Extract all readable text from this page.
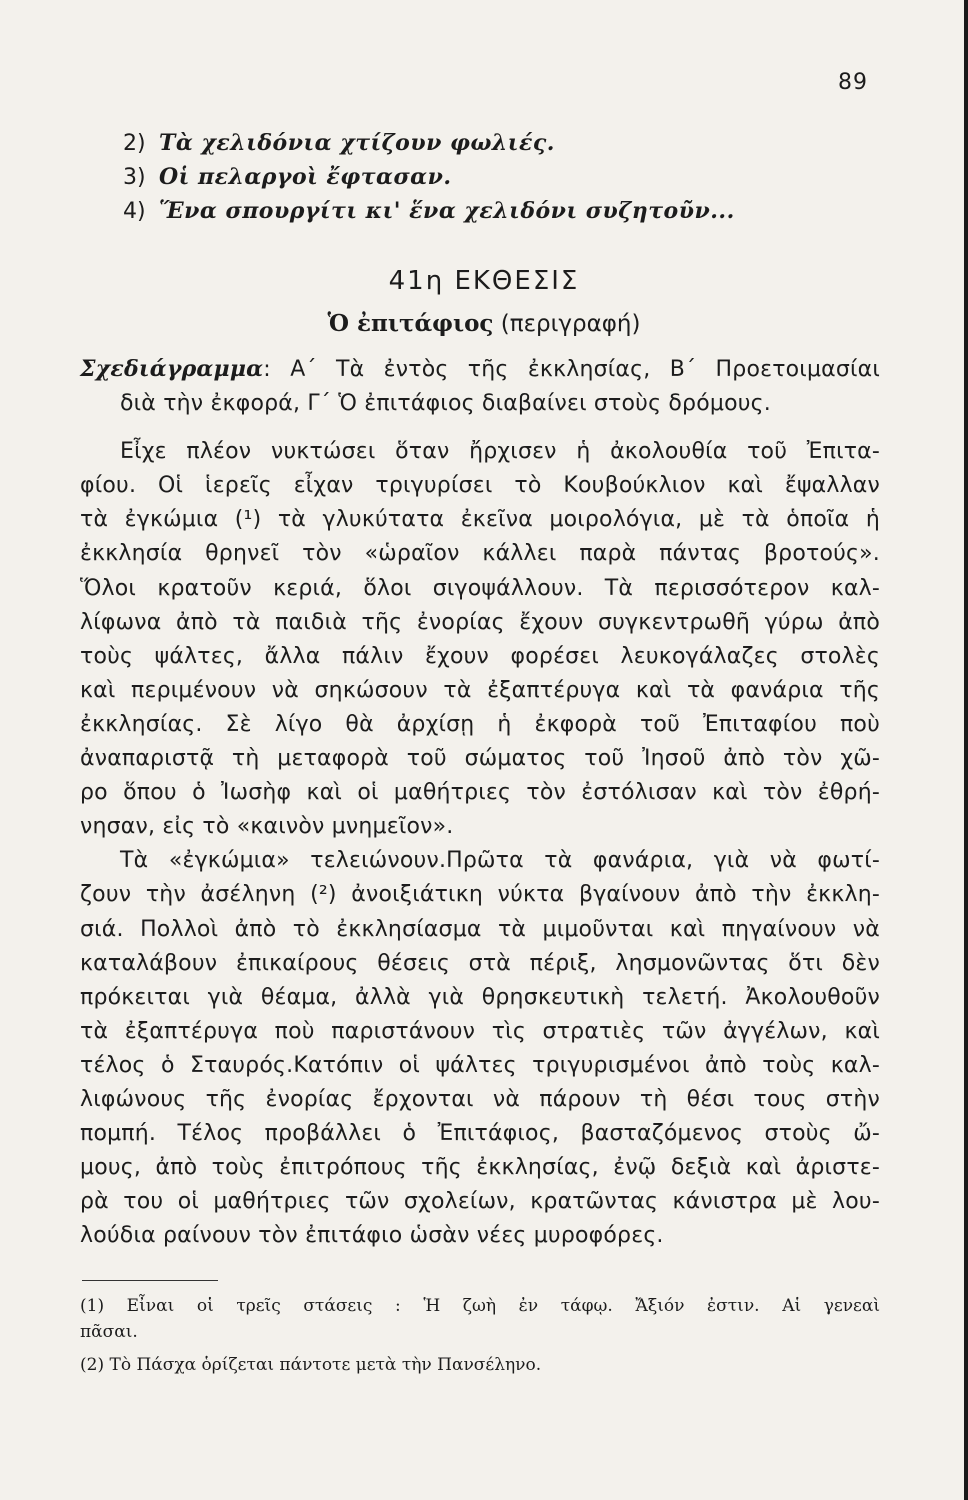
89
2) Τὰ χελιδόνια χτίζουν φωλιές.
3) Οἱ πελαργοὶ ἔφτασαν.
4) Ἕνα σπουργίτι κι' ἕνα χελιδόνι συζητοῦν...
41η ΕΚΘΕΣΙΣ
Ὁ ἐπιτάφιος (περιγραφή)
Σχεδιάγραμμα: Α΄ Τὰ ἐντὸς τῆς ἐκκλησίας, Β΄ Προετοιμασίαι
διὰ τὴν ἐκφορά, Γ΄ Ὁ ἐπιτάφιος διαβαίνει στοὺς δρόμους.
Εἶχε πλέον νυκτώσει ὅταν ἤρχισεν ἡ ἀκολουθία τοῦ Ἐπιτα-
φίου. Οἱ ἱερεῖς εἶχαν τριγυρίσει τὸ Κουβούκλιον καὶ ἔψαλλαν
τὰ ἐγκώμια (¹) τὰ γλυκύτατα ἐκεῖνα μοιρολόγια, μὲ τὰ ὁποῖα ἡ
ἐκκλησία θρηνεῖ τὸν «ὡραῖον κάλλει παρὰ πάντας βροτούς».
Ὅλοι κρατοῦν κεριά, ὅλοι σιγοψάλλουν. Τὰ περισσότερον καλ-
λίφωνα ἀπὸ τὰ παιδιὰ τῆς ἐνορίας ἔχουν συγκεντρωθῆ γύρω ἀπὸ
τοὺς ψάλτες, ἄλλα πάλιν ἔχουν φορέσει λευκογάλαζες στολὲς
καὶ περιμένουν νὰ σηκώσουν τὰ ἐξαπτέρυγα καὶ τὰ φανάρια τῆς
ἐκκλησίας. Σὲ λίγο θὰ ἀρχίσῃ ἡ ἐκφορὰ τοῦ Ἐπιταφίου ποὺ
ἀναπαριστᾷ τὴ μεταφορὰ τοῦ σώματος τοῦ Ἰησοῦ ἀπὸ τὸν χῶ-
ρο ὅπου ὁ Ἰωσὴφ καὶ οἱ μαθήτριες τὸν ἐστόλισαν καὶ τὸν ἐθρή-
νησαν, εἰς τὸ «καινὸν μνημεῖον».
Τὰ «ἐγκώμια» τελειώνουν.Πρῶτα τὰ φανάρια, γιὰ νὰ φωτί-
ζουν τὴν ἀσέληνη (²) ἀνοιξιάτικη νύκτα βγαίνουν ἀπὸ τὴν ἐκκλη-
σιά. Πολλοὶ ἀπὸ τὸ ἐκκλησίασμα τὰ μιμοῦνται καὶ πηγαίνουν νὰ
καταλάβουν ἐπικαίρους θέσεις στὰ πέριξ, λησμονῶντας ὅτι δὲν
πρόκειται γιὰ θέαμα, ἀλλὰ γιὰ θρησκευτικὴ τελετή. Ἀκολουθοῦν
τὰ ἐξαπτέρυγα ποὺ παριστάνουν τὶς στρατιὲς τῶν ἀγγέλων, καὶ
τέλος ὁ Σταυρός.Κατόπιν οἱ ψάλτες τριγυρισμένοι ἀπὸ τοὺς καλ-
λιφώνους τῆς ἐνορίας ἔρχονται νὰ πάρουν τὴ θέσι τους στὴν
πομπή. Τέλος προβάλλει ὁ Ἐπιτάφιος, βασταζόμενος στοὺς ὤ-
μους, ἀπὸ τοὺς ἐπιτρόπους τῆς ἐκκλησίας, ἐνῷ δεξιὰ καὶ ἀριστε-
ρὰ του οἱ μαθήτριες τῶν σχολείων, κρατῶντας κάνιστρα μὲ λου-
λούδια ραίνουν τὸν ἐπιτάφιο ὡσὰν νέες μυροφόρες.
(1) Εἶναι οἱ τρεῖς στάσεις : Ἡ ζωὴ ἐν τάφῳ. Ἄξιόν ἐστιν. Αἱ γενεαὶ
πᾶσαι.
(2) Τὸ Πάσχα ὁρίζεται πάντοτε μετὰ τὴν Πανσέληνο.
